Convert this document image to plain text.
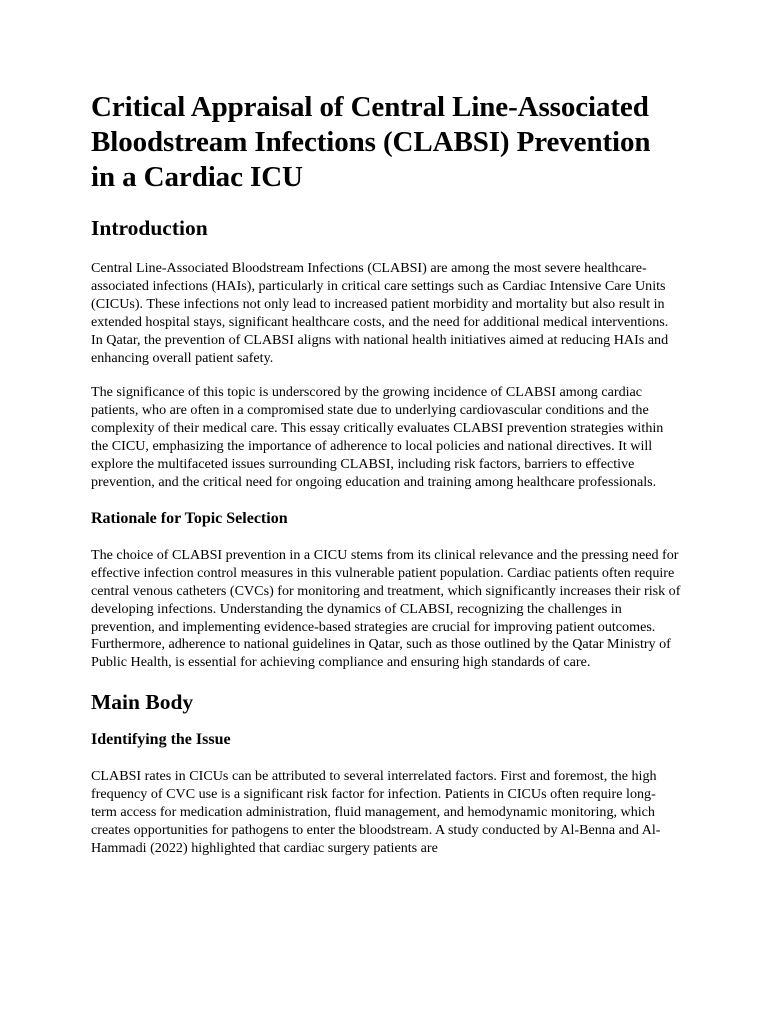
Critical Appraisal of Central Line-Associated Bloodstream Infections (CLABSI) Prevention in a Cardiac ICU
Introduction

Central Line-Associated Bloodstream Infections (CLABSI) are among the most severe healthcare-associated infections (HAIs), particularly in critical care settings such as Cardiac Intensive Care Units (CICUs). These infections not only lead to increased patient morbidity and mortality but also result in extended hospital stays, significant healthcare costs, and the need for additional medical interventions. In Qatar, the prevention of CLABSI aligns with national health initiatives aimed at reducing HAIs and enhancing overall patient safety.

The significance of this topic is underscored by the growing incidence of CLABSI among cardiac patients, who are often in a compromised state due to underlying cardiovascular conditions and the complexity of their medical care. This essay critically evaluates CLABSI prevention strategies within the CICU, emphasizing the importance of adherence to local policies and national directives. It will explore the multifaceted issues surrounding CLABSI, including risk factors, barriers to effective prevention, and the critical need for ongoing education and training among healthcare professionals.

Rationale for Topic Selection

The choice of CLABSI prevention in a CICU stems from its clinical relevance and the pressing need for effective infection control measures in this vulnerable patient population. Cardiac patients often require central venous catheters (CVCs) for monitoring and treatment, which significantly increases their risk of developing infections. Understanding the dynamics of CLABSI, recognizing the challenges in prevention, and implementing evidence-based strategies are crucial for improving patient outcomes. Furthermore, adherence to national guidelines in Qatar, such as those outlined by the Qatar Ministry of Public Health, is essential for achieving compliance and ensuring high standards of care.

Main Body
Identifying the Issue

CLABSI rates in CICUs can be attributed to several interrelated factors. First and foremost, the high frequency of CVC use is a significant risk factor for infection. Patients in CICUs often require long-term access for medication administration, fluid management, and hemodynamic monitoring, which creates opportunities for pathogens to enter the bloodstream. A study conducted by Al-Benna and Al-Hammadi (2022) highlighted that cardiac surgery patients are
